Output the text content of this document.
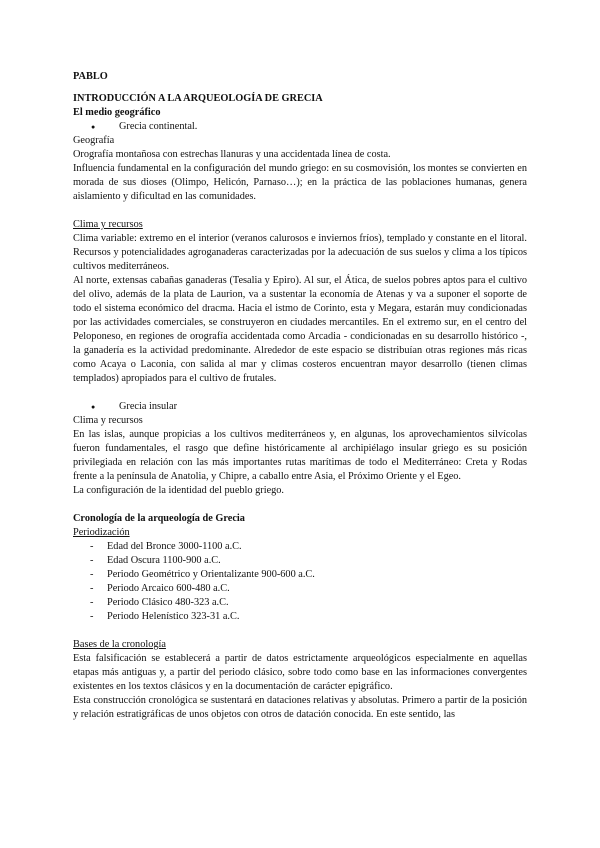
PABLO
INTRODUCCIÓN A LA ARQUEOLOGÍA DE GRECIA
El medio geográfico
● Grecia continental.
Geografía
Orografía montañosa con estrechas llanuras y una accidentada línea de costa.
Influencia fundamental en la configuración del mundo griego: en su cosmovisión, los montes se convierten en morada de sus dioses (Olimpo, Helicón, Parnaso…); en la práctica de las poblaciones humanas, genera aislamiento y dificultad en las comunidades.
Clima y recursos
Clima variable: extremo en el interior (veranos calurosos e inviernos fríos), templado y constante en el litoral. Recursos y potencialidades agroganaderas caracterizadas por la adecuación de sus suelos y clima a los típicos cultivos mediterráneos.
Al norte, extensas cabañas ganaderas (Tesalia y Epiro). Al sur, el Ática, de suelos pobres aptos para el cultivo del olivo, además de la plata de Laurion, va a sustentar la economía de Atenas y va a suponer el soporte de todo el sistema económico del dracma. Hacia el istmo de Corinto, esta y Megara, estarán muy condicionadas por las actividades comerciales, se construyeron en ciudades mercantiles. En el extremo sur, en el centro del Peloponeso, en regiones de orografía accidentada como Arcadia - condicionadas en su desarrollo histórico -, la ganadería es la actividad predominante. Alrededor de este espacio se distribuían otras regiones más ricas como Acaya o Laconia, con salida al mar y climas costeros encuentran mayor desarrollo (tienen climas templados) apropiados para el cultivo de frutales.
● Grecia insular
Clima y recursos
En las islas, aunque propicias a los cultivos mediterráneos y, en algunas, los aprovechamientos silvícolas fueron fundamentales, el rasgo que define históricamente al archipiélago insular griego es su posición privilegiada en relación con las más importantes rutas marítimas de todo el Mediterráneo: Creta y Rodas frente a la península de Anatolia, y Chipre, a caballo entre Asia, el Próximo Oriente y el Egeo.
La configuración de la identidad del pueblo griego.
Cronología de la arqueología de Grecia
Periodización
- Edad del Bronce 3000-1100 a.C.
- Edad Oscura 1100-900 a.C.
- Periodo Geométrico y Orientalizante 900-600 a.C.
- Periodo Arcaico 600-480 a.C.
- Periodo Clásico 480-323 a.C.
- Periodo Helenístico 323-31 a.C.
Bases de la cronología
Esta falsificación se establecerá a partir de datos estrictamente arqueológicos especialmente en aquellas etapas más antiguas y, a partir del periodo clásico, sobre todo como base en las informaciones convergentes existentes en los textos clásicos y en la documentación de carácter epigráfico.
Esta construcción cronológica se sustentará en dataciones relativas y absolutas. Primero a partir de la posición y relación estratigráficas de unos objetos con otros de datación conocida. En este sentido, las
